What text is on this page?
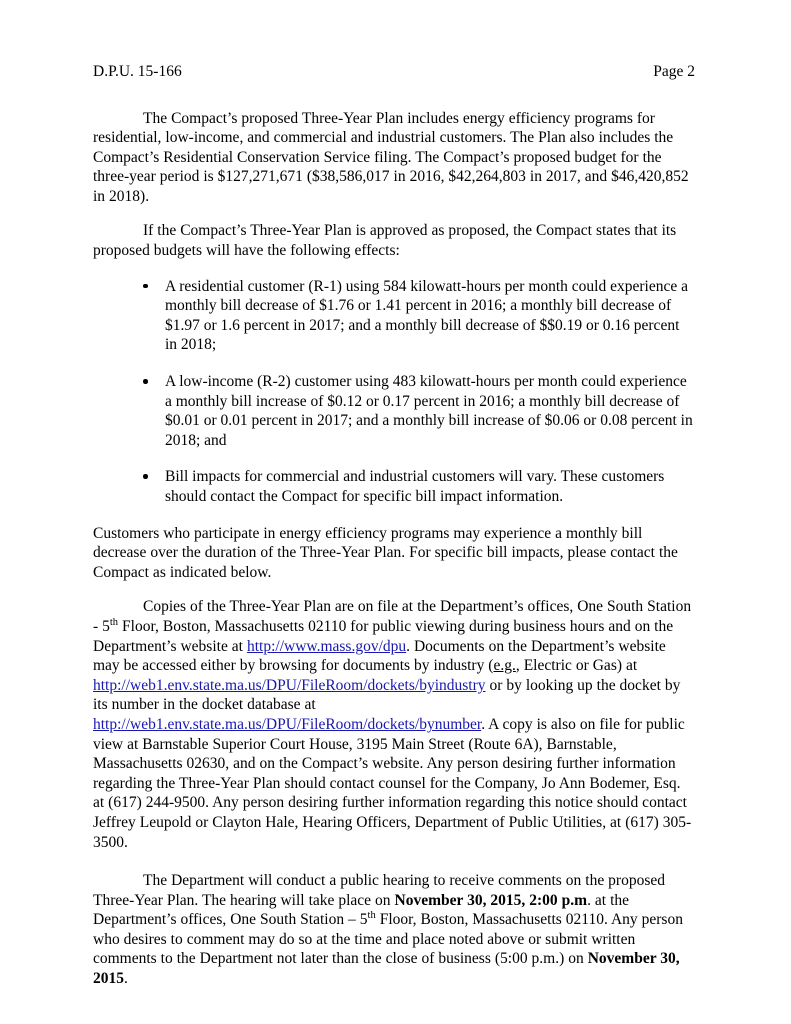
D.P.U. 15-166	Page 2

The Compact’s proposed Three-Year Plan includes energy efficiency programs for residential, low-income, and commercial and industrial customers. The Plan also includes the Compact’s Residential Conservation Service filing. The Compact’s proposed budget for the three-year period is $127,271,671 ($38,586,017 in 2016, $42,264,803 in 2017, and $46,420,852 in 2018).

If the Compact’s Three-Year Plan is approved as proposed, the Compact states that its proposed budgets will have the following effects:

A residential customer (R-1) using 584 kilowatt-hours per month could experience a monthly bill decrease of $1.76 or 1.41 percent in 2016; a monthly bill decrease of $1.97 or 1.6 percent in 2017; and a monthly bill decrease of $$0.19 or 0.16 percent in 2018;
A low-income (R-2) customer using 483 kilowatt-hours per month could experience a monthly bill increase of $0.12 or 0.17 percent in 2016; a monthly bill decrease of $0.01 or 0.01 percent in 2017; and a monthly bill increase of $0.06 or 0.08 percent in 2018; and
Bill impacts for commercial and industrial customers will vary. These customers should contact the Compact for specific bill impact information.

Customers who participate in energy efficiency programs may experience a monthly bill decrease over the duration of the Three-Year Plan. For specific bill impacts, please contact the Compact as indicated below.

Copies of the Three-Year Plan are on file at the Department’s offices, One South Station - 5th Floor, Boston, Massachusetts 02110 for public viewing during business hours and on the Department’s website at http://www.mass.gov/dpu. Documents on the Department’s website may be accessed either by browsing for documents by industry (e.g., Electric or Gas) at http://web1.env.state.ma.us/DPU/FileRoom/dockets/byindustry or by looking up the docket by its number in the docket database at http://web1.env.state.ma.us/DPU/FileRoom/dockets/bynumber. A copy is also on file for public view at Barnstable Superior Court House, 3195 Main Street (Route 6A), Barnstable, Massachusetts 02630, and on the Compact’s website. Any person desiring further information regarding the Three-Year Plan should contact counsel for the Company, Jo Ann Bodemer, Esq. at (617) 244-9500. Any person desiring further information regarding this notice should contact Jeffrey Leupold or Clayton Hale, Hearing Officers, Department of Public Utilities, at (617) 305-3500.

The Department will conduct a public hearing to receive comments on the proposed Three-Year Plan. The hearing will take place on November 30, 2015, 2:00 p.m. at the Department’s offices, One South Station – 5th Floor, Boston, Massachusetts 02110. Any person who desires to comment may do so at the time and place noted above or submit written comments to the Department not later than the close of business (5:00 p.m.) on November 30, 2015.
